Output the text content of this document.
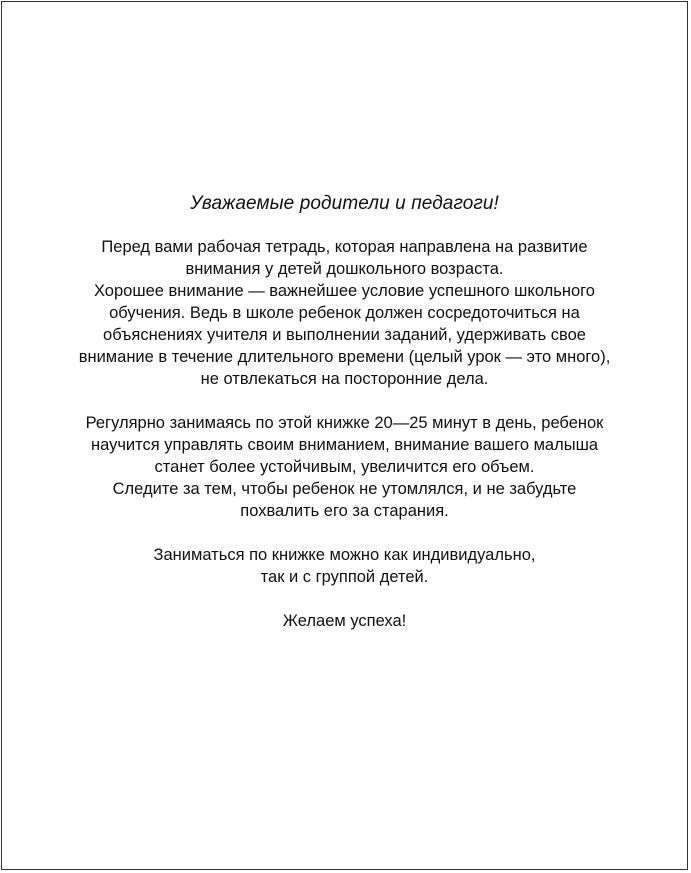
Уважаемые родители и педагоги!

Перед вами рабочая тетрадь, которая направлена на развитие

внимания у детей дошкольного возраста.

Хорошее внимание — важнейшее условие успешного школьного

обучения. Ведь в школе ребенок должен сосредоточиться на

объяснениях учителя и выполнении заданий, удерживать свое

внимание в течение длительного времени (целый урок — это много),

не отвлекаться на посторонние дела.

Регулярно занимаясь по этой книжке 20—25 минут в день, ребенок

научится управлять своим вниманием, внимание вашего малыша

станет более устойчивым, увеличится его объем.

Следите за тем, чтобы ребенок не утомлялся, и не забудьте

похвалить его за старания.

Заниматься по книжке можно как индивидуально,

так и с группой детей.

Желаем успеха!
